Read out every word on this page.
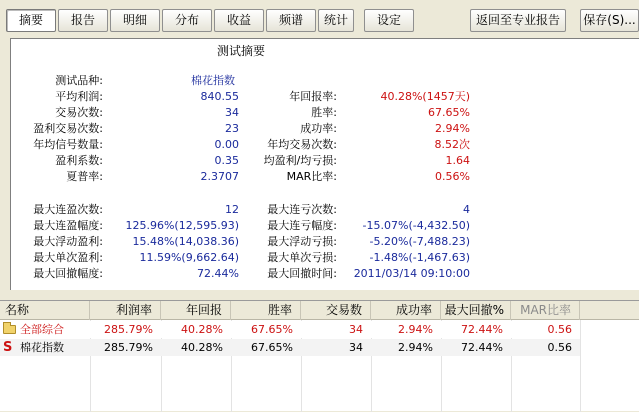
摘要	报告	明细	分布	收益	频谱	统计	设定	返回至专业报告	保存(S)...
测试摘要
测试品种:	棉花指数
平均利润:	840.55	年回报率:	40.28%(1457天)
交易次数:	34	胜率:	67.65%
盈利交易次数:	23	成功率:	2.94%
年均信号数量:	0.00	年均交易次数:	8.52次
盈利系数:	0.35	均盈利/均亏损:	1.64
夏普率:	2.3707	MAR比率:	0.56%
最大连盈次数:	12	最大连亏次数:	4
最大连盈幅度:	125.96%(12,595.93)	最大连亏幅度:	-15.07%(-4,432.50)
最大浮动盈利:	15.48%(14,038.36)	最大浮动亏损:	-5.20%(-7,488.23)
最大单次盈利:	11.59%(9,662.64)	最大单次亏损:	-1.48%(-1,467.63)
最大回撤幅度:	72.44%	最大回撤时间:	2011/03/14 09:10:00
名称	利润率	年回报	胜率	交易数	成功率	最大回撤%	MAR比率
全部综合	285.79%	40.28%	67.65%	34	2.94%	72.44%	0.56
S 棉花指数	285.79%	40.28%	67.65%	34	2.94%	72.44%	0.56
